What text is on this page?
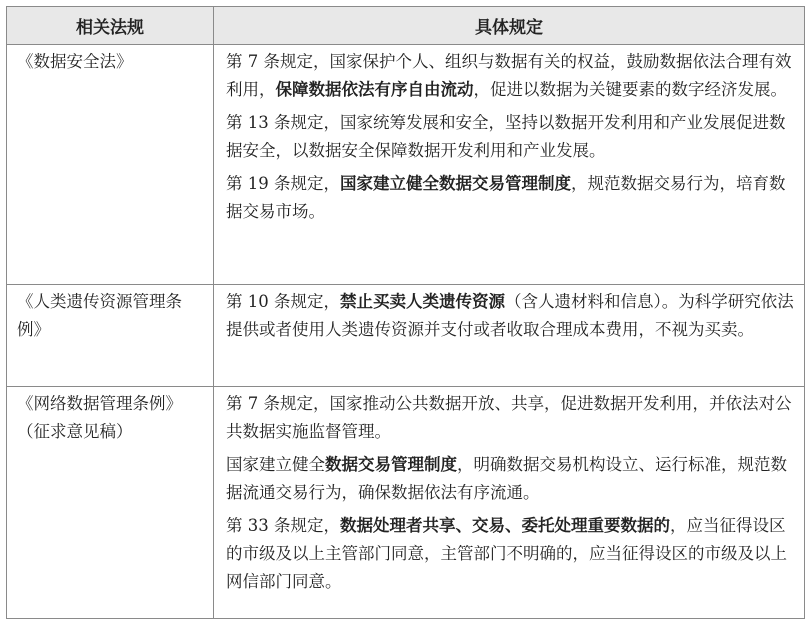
相关法规	具体规定

《数据安全法》	第 7 条规定，国家保护个人、组织与数据有关的权益，鼓励数据依法合理有效利用，保障数据依法有序自由流动，促进以数据为关键要素的数字经济发展。

第 13 条规定，国家统筹发展和安全，坚持以数据开发利用和产业发展促进数据安全，以数据安全保障数据开发利用和产业发展。

第 19 条规定，国家建立健全数据交易管理制度，规范数据交易行为，培育数据交易市场。

《人类遗传资源管理条例》	第 10 条规定，禁止买卖人类遗传资源（含人遗材料和信息）。为科学研究依法提供或者使用人类遗传资源并支付或者收取合理成本费用，不视为买卖。

《网络数据管理条例》（征求意见稿）	第 7 条规定，国家推动公共数据开放、共享，促进数据开发利用，并依法对公共数据实施监督管理。

国家建立健全数据交易管理制度，明确数据交易机构设立、运行标准，规范数据流通交易行为，确保数据依法有序流通。

第 33 条规定，数据处理者共享、交易、委托处理重要数据的，应当征得设区的市级及以上主管部门同意，主管部门不明确的，应当征得设区的市级及以上网信部门同意。
